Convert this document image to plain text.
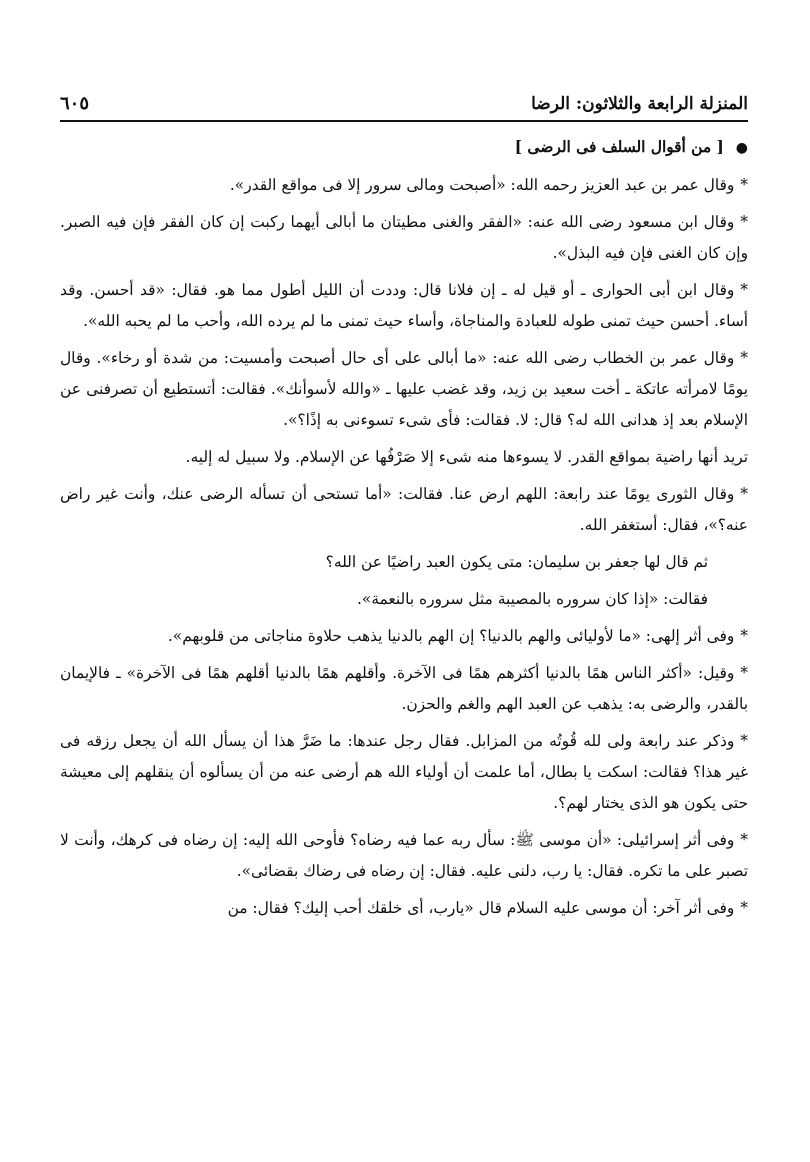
المنزلة الرابعة والثلاثون: الرضا
٦٠٥
●[ من أقوال السلف فى الرضى ]

*وقال عمر بن عبد العزيز رحمه الله: «أصبحت ومالى سرور إلا فى مواقع القدر».

*وقال ابن مسعود رضى الله عنه: «الفقر والغنى مطيتان ما أبالى أيهما ركبت إن كان الفقر فإن فيه الصبر. وإن كان الغنى فإن فيه البذل».

*وقال ابن أبى الحوارى ـ أو قيل له ـ إن فلانا قال: وددت أن الليل أطول مما هو. فقال: «قد أحسن. وقد أساء. أحسن حيث تمنى طوله للعبادة والمناجاة، وأساء حيث تمنى ما لم يرده الله، وأحب ما لم يحبه الله».

*وقال عمر بن الخطاب رضى الله عنه: «ما أبالى على أى حال أصبحت وأمسيت: من شدة أو رخاء». وقال يومًا لامرأته عاتكة ـ أخت سعيد بن زيد، وقد غضب عليها ـ «والله لأسوأنك». فقالت: أتستطيع أن تصرفنى عن الإسلام بعد إذ هدانى الله له؟ قال: لا. فقالت: فأى شىء تسوءنى به إذًا؟».

تريد أنها راضية بمواقع القدر. لا يسوءها منه شىء إلا صَرْفُها عن الإسلام. ولا سبيل له إليه.

*وقال الثورى يومًا عند رابعة: اللهم ارض عنا. فقالت: «أما تستحى أن تسأله الرضى عنك، وأنت غير راض عنه؟»، فقال: أستغفر الله.

ثم قال لها جعفر بن سليمان: متى يكون العبد راضيًا عن الله؟

فقالت: «إذا كان سروره بالمصيبة مثل سروره بالنعمة».

*وفى أثر إلهى: «ما لأوليائى والهم بالدنيا؟ إن الهم بالدنيا يذهب حلاوة مناجاتى من قلوبهم».

*وقيل: «أكثر الناس همًا بالدنيا أكثرهم همًا فى الآخرة. وأقلهم همًا بالدنيا أقلهم همًا فى الآخرة» ـ فالإيمان بالقدر، والرضى به: يذهب عن العبد الهم والغم والحزن.

*وذكر عند رابعة ولى لله قُوتُه من المزابل. فقال رجل عندها: ما ضَرَّ هذا أن يسأل الله أن يجعل رزقه فى غير هذا؟ فقالت: اسكت يا بطال، أما علمت أن أولياء الله هم أرضى عنه من أن يسألوه أن ينقلهم إلى معيشة حتى يكون هو الذى يختار لهم؟.

*وفى أثر إسرائيلى: «أن موسى ﷺ: سأل ربه عما فيه رضاه؟ فأوحى الله إليه: إن رضاه فى كرهك، وأنت لا تصبر على ما تكره. فقال: يا رب، دلنى عليه. فقال: إن رضاه فى رضاك بقضائى».

*وفى أثر آخر: أن موسى عليه السلام قال «يارب، أى خلقك أحب إليك؟ فقال: من
